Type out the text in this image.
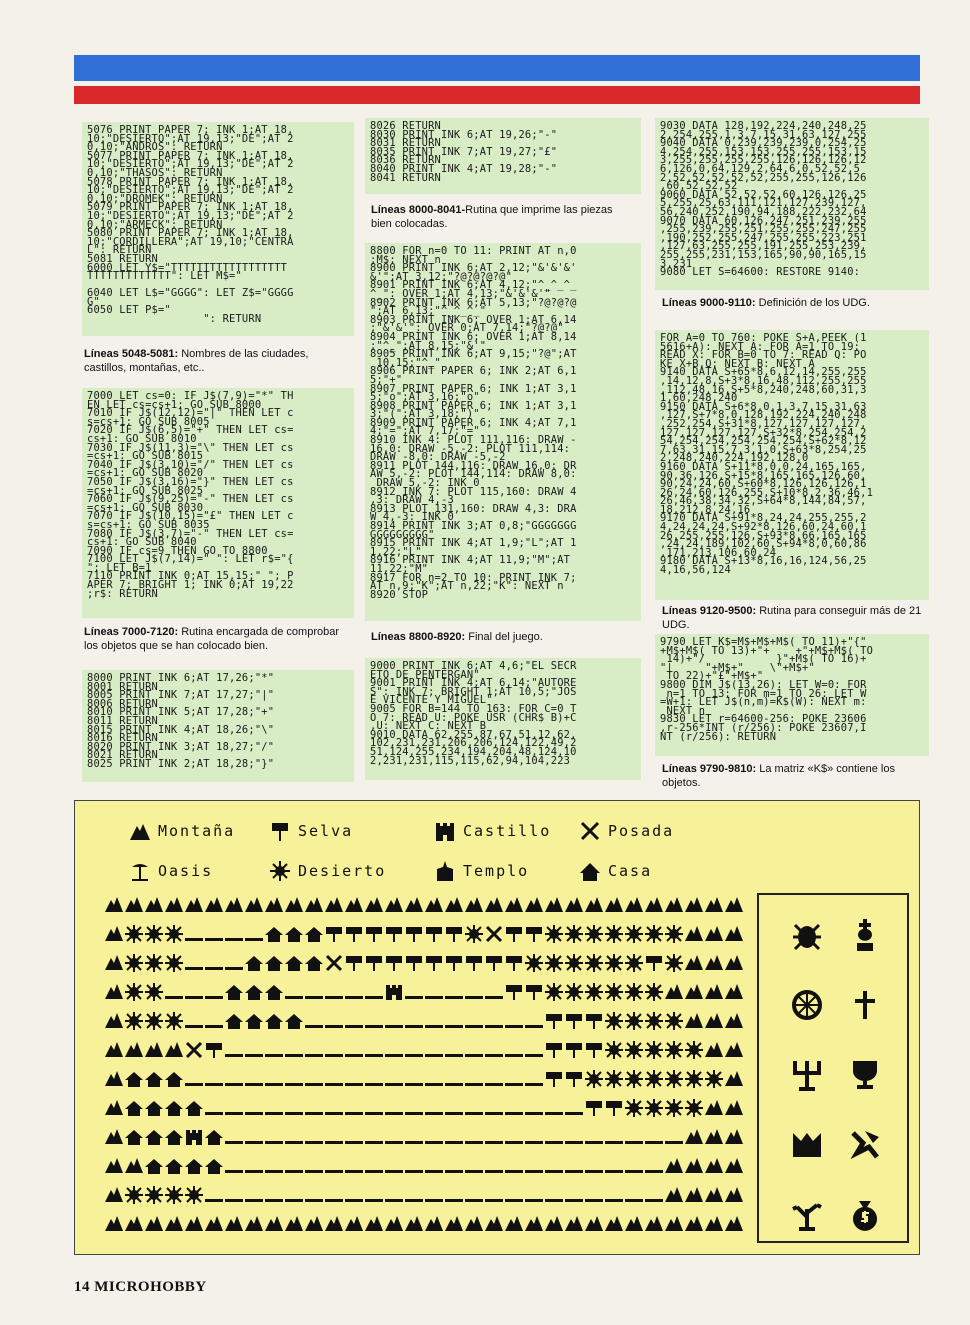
5076 PRINT PAPER 7; INK 1;AT 18,
10;"DESIERTO";AT 19,13;"DE";AT 2
0,10;"ANDROS": RETURN
5077 PRINT PAPER 7; INK 1;AT 18,
10;"DESIERTO";AT 19,13;"DE";AT 2
0,10;"THASOS": RETURN
5078 PRINT PAPER 7; INK 1;AT 18,
10;"DESIERTO";AT 19,13;"DE";AT 2
0,10;"DROMEK": RETURN
5079 PRINT PAPER 7; INK 1;AT 18,
10;"DESIERTO";AT 19,13;"DE";AT 2
0,10;"ARMECK": RETURN
5080 PRINT PAPER 7; INK 1;AT 18,
10;"CORDILLERA";AT 19,10;"CENTRA
L": RETURN
5081 RETURN
6000 LET Y$="TTTTTTTTTTTTTTTTTT
TTTTTTTTTTTTT": LET M$="

6040 LET L$="GGGG": LET Z$="GGGG
G"
6050 LET P$="
": RETURN
Líneas 5048-5081: Nombres de las ciudades, castillos, montañas, etc..
7000 LET cs=0: IF J$(7,9)="*" TH
EN LET cs=cs+1: GO SUB 8000
7010 IF J$(12,12)="|" THEN LET c
s=cs+1: GO SUB 8005
7020 IF J$(6,5)="+" THEN LET cs=
cs+1: GO SUB 8010
7030 IF J$(11,3)="\" THEN LET cs
=cs+1: GO SUB 8015
7040 IF J$(3,10)="/" THEN LET cs
=cs+1: GO SUB 8020
7050 IF J$(3,16)="}" THEN LET cs
=cs+1: GO SUB 8025
7060 IF J$(9,25)="-" THEN LET cs
=cs+1: GO SUB 8030
7070 IF J$(10,15)="£" THEN LET c
s=cs+1: GO SUB 8035
7080 IF J$(3,7)="-" THEN LET cs=
cs+1: GO SUB 8040
7090 IF cs=9 THEN GO TO 8800
7100 LET J$(7,14)=" ": LET r$="{
": LET B=1
7110 PRINT INK 0;AT 15,15;" "; P
APER 7; BRIGHT 1; INK 0;AT 19,22
;r$: RETURN
Líneas 7000-7120: Rutina encargada de comprobar los objetos que se han colocado bien.
8000 PRINT INK 6;AT 17,26;"*"
8001 RETURN
8005 PRINT INK 7;AT 17,27;"|"
8006 RETURN
8010 PRINT INK 5;AT 17,28;"+"
8011 RETURN
8015 PRINT INK 4;AT 18,26;"\"
8016 RETURN
8020 PRINT INK 3;AT 18,27;"/"
8021 RETURN
8025 PRINT INK 2;AT 18,28;"}"
8026 RETURN
8030 PRINT INK 6;AT 19,26;"-"
8031 RETURN
8035 PRINT INK 7;AT 19,27;"£"
8036 RETURN
8040 PRINT INK 4;AT 19,28;"-"
8041 RETURN
Líneas 8000-8041-Rutina que imprime las piezas bien colocadas.
8800 FOR n=0 TO 11: PRINT AT n,0
;M$: NEXT n
8900 PRINT INK 6;AT 2,12;"&'&'&'
&'";AT 3,12;"?@?@?@?@"
8901 PRINT INK 6;AT 4,12;"^_^_^_
^_": OVER 1;AT 4,13;"&'&'&'"
8902 PRINT INK 6;AT 5,13;"?@?@?@
";AT 6,13;"^_^_^_"
8903 PRINT INK 6; OVER 1;AT 6,14
;"&'&'": OVER 0;AT 7,14;"?@?@"
8904 PRINT INK 6; OVER 1;AT 8,14
;"^_";AT 8,15;"&'"
8905 PRINT INK 6;AT 9,15;"?@";AT
10,15;"^_"
8906 PRINT PAPER 6; INK 2;AT 6,1
5;"+"
8907 PRINT PAPER 6; INK 1;AT 3,1
5;"o";AT 3,16;"o"
8908 PRINT PAPER 6; INK 1;AT 3,1
3;"(";AT 3,18;")"
8909 PRINT PAPER 6; INK 4;AT 7,1
4;"=";AT 7,17;"="
8910 INK 4: PLOT 111,116: DRAW -
16,0: DRAW -5,-2: PLOT 111,114:
DRAW -8,0: DRAW -5,-2
8911 PLOT 144,116: DRAW 16,0: DR
AW 5,-2: PLOT 144,114: DRAW 8,0:
DRAW 5,-2: INK 0
8912 INK 7: PLOT 115,160: DRAW 4
,3: DRAW 4,-3
8913 PLOT 131,160: DRAW 4,3: DRA
W 4,-3: INK 0
8914 PRINT INK 3;AT 0,8;"GGGGGGG
GGGGGGGGG"
8915 PRINT INK 4;AT 1,9;"L";AT 1
1,22;"L"
8916 PRINT INK 4;AT 11,9;"M";AT
11,22;"M"
8917 FOR n=2 TO 10: PRINT INK 7;
AT n,9;"K";AT n,22;"K": NEXT n
8920 STOP
Líneas 8800-8920: Final del juego.
9000 PRINT INK 6;AT 4,6;"EL SECR
ETO DE PENTERGAN"
9001 PRINT INK 4;AT 6,14;"AUTORE
S": INK 7; BRIGHT 1;AT 10,5;"JOS
E VICENTE Y MIGUEL"
9005 FOR B=144 TO 163: FOR C=0 T
O 7: READ U: POKE USR (CHR$ B)+C
,U: NEXT C: NEXT B
9010 DATA 62,255,87,67,51,12,62,
102,231,231,206,206,124,122,49,2
51,124,255,234,194,204,48,124,10
2,231,231,115,115,62,94,104,223
9030 DATA 128,192,224,240,248,25
2,254,255,1,3,7,15,31,63,127,255
9040 DATA 0,239,239,239,0,254,25
4,254,255,153,153,255,255,153,15
3,255,255,255,255,126,126,126,12
6,126,0,64,129,2,64,6,0,52,52,5
2,52,52,52,52,52,255,255,126,126
,60,52,52,52
9060 DATA 52,52,52,60,126,126,25
5,255,25,63,111,121,127,239,127,
56,240,252,190,94,188,222,232,64
9070 DATA 60,126,247,251,239,255
,255,239,255,251,255,255,247,255
,190,252,255,247,255,255,223,251
,127,63,255,255,191,255,253,239,
255,255,231,153,165,90,90,165,15
3,231
9080 LET S=64600: RESTORE 9140:
Líneas 9000-9110: Definición de los UDG.
FOR A=0 TO 760: POKE S+A,PEEK (1
5616+A): NEXT A: FOR A=1 TO 19:
READ X: FOR B=0 TO 7: READ Q: PO
KE X+B,Q: NEXT B: NEXT A
9140 DATA S+65*8,6,12,14,255,255
,14,12,8,S+3*8,16,48,112,255,255
,112,48,16,S+5*8,240,248,60,31,3
1,60,248,240
9150 DATA S+6*8,0,1,3,7,15,31,63
,127,S+7*8,0,128,192,224,240,248
,252,254,S+31*8,127,127,127,127,
127,127,127,127,S+32*8,254,254,2
54,254,254,254,254,254,S+62*8,12
7,63,31,15,7,3,1,0,S+63*8,254,25
2,248,240,224,192,128,0
9160 DATA S+11*8,0,0,24,165,165,
90,36,126,S+15*8,165,165,126,60,
90,24,24,60,S+60*8,126,126,126,1
26,24,60,126,255,S+10*8,2,36,46,1
26,46,38,34,32,S+64*8,144,84,57,
18,212,8,24,16
9170 DATA S+91*8,24,24,255,255,2
4,24,24,24,S+92*8,126,60,24,60,1
26,255,255,126,S+93*8,66,165,165
,24,24,189,102,60,S+94*8,0,60,86
,171,213,106,60,24
9180 DATA S+13*8,16,16,124,56,25
4,16,56,124
Líneas 9120-9500: Rutina para conseguir más de 21 UDG.
9790 LET K$=M$+M$+M$( TO 11)+"{"
+M$+M$( TO 13)+"+    +"+M$+M$( TO
14)+"/           }"+M$( TO 16)+
"|     "+M$+"    \"+M$+"
TO 22)+"£"+M$+"
9800 DIM J$(13,26): LET W=0: FOR
n=1 TO 13: FOR m=1 TO 26: LET W
=W+1: LET J$(n,m)=K$(W): NEXT m:
NEXT n
9830 LET r=64600-256: POKE 23606
,r-256*INT (r/256): POKE 23607,I
NT (r/256): RETURN
Líneas 9790-9810: La matriz «K$» contiene los objetos.
Montaña	Selva	Castillo	Posada
Oasis	Desierto	Templo	Casa
14 MICROHOBBY
